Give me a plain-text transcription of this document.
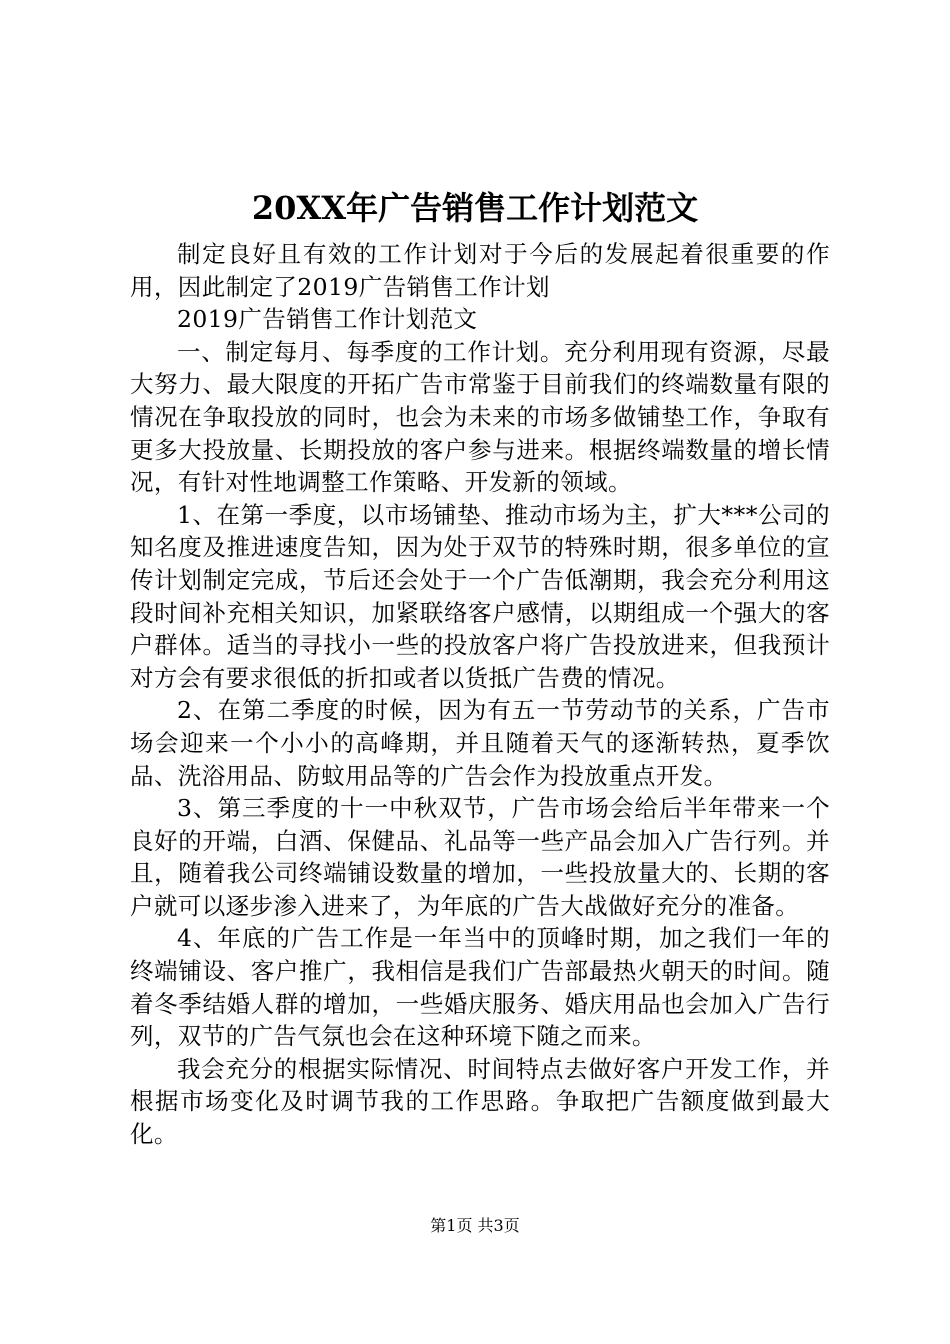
20XX年广告销售工作计划范文

制定良好且有效的工作计划对于今后的发展起着很重要的作用，因此制定了2019广告销售工作计划

2019广告销售工作计划范文

一、制定每月、每季度的工作计划。充分利用现有资源，尽最大努力、最大限度的开拓广告市常鉴于目前我们的终端数量有限的情况在争取投放的同时，也会为未来的市场多做铺垫工作，争取有更多大投放量、长期投放的客户参与进来。根据终端数量的增长情况，有针对性地调整工作策略、开发新的领域。

1、在第一季度，以市场铺垫、推动市场为主，扩大***公司的知名度及推进速度告知，因为处于双节的特殊时期，很多单位的宣传计划制定完成，节后还会处于一个广告低潮期，我会充分利用这段时间补充相关知识，加紧联络客户感情，以期组成一个强大的客户群体。适当的寻找小一些的投放客户将广告投放进来，但我预计对方会有要求很低的折扣或者以货抵广告费的情况。

2、在第二季度的时候，因为有五一节劳动节的关系，广告市场会迎来一个小小的高峰期，并且随着天气的逐渐转热，夏季饮品、洗浴用品、防蚊用品等的广告会作为投放重点开发。

3、第三季度的十一中秋双节，广告市场会给后半年带来一个良好的开端，白酒、保健品、礼品等一些产品会加入广告行列。并且，随着我公司终端铺设数量的增加，一些投放量大的、长期的客户就可以逐步渗入进来了，为年底的广告大战做好充分的准备。

4、年底的广告工作是一年当中的顶峰时期，加之我们一年的终端铺设、客户推广，我相信是我们广告部最热火朝天的时间。随着冬季结婚人群的增加，一些婚庆服务、婚庆用品也会加入广告行列，双节的广告气氛也会在这种环境下随之而来。

我会充分的根据实际情况、时间特点去做好客户开发工作，并根据市场变化及时调节我的工作思路。争取把广告额度做到最大化。

第1页 共3页
